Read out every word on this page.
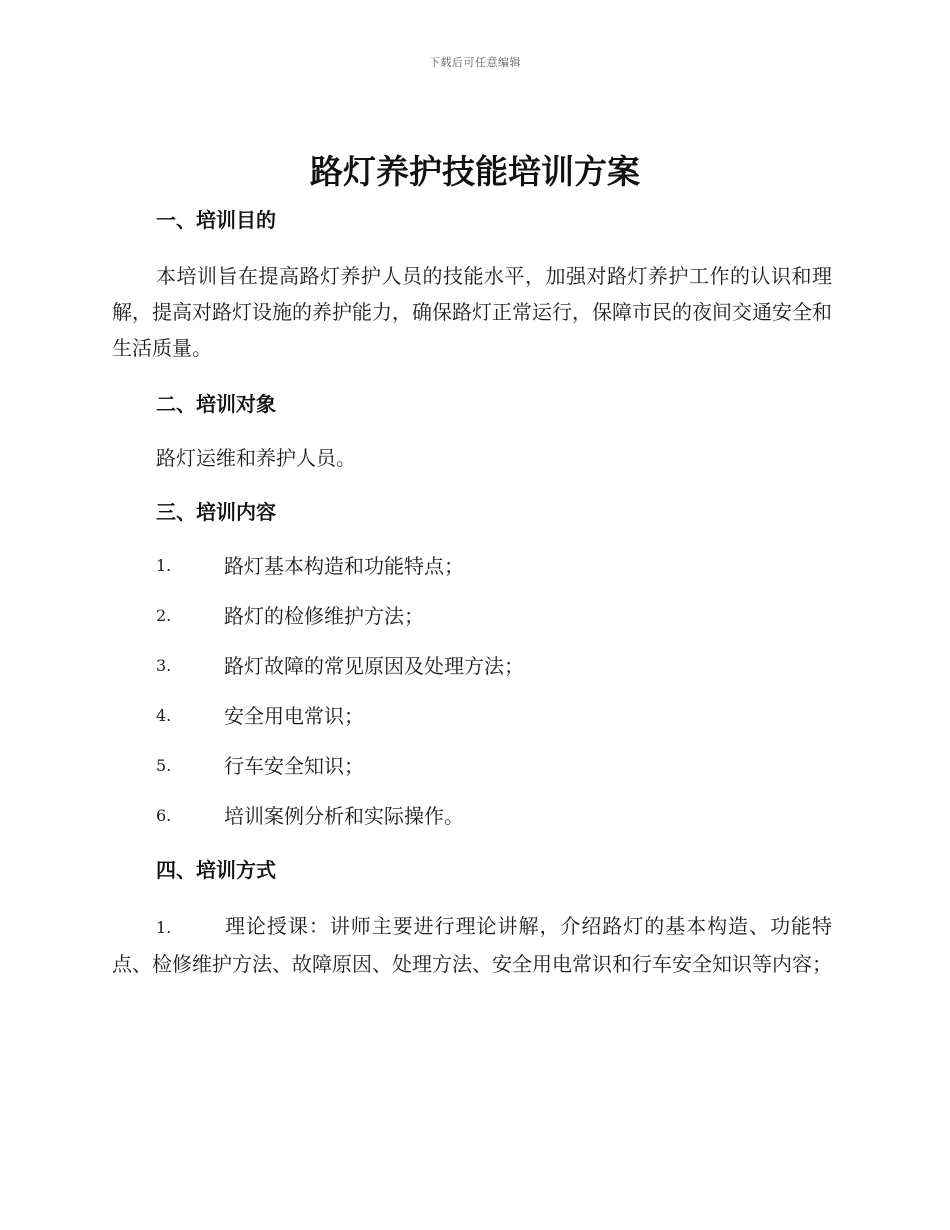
下载后可任意编辑
路灯养护技能培训方案
一、培训目的

本培训旨在提高路灯养护人员的技能水平，加强对路灯养护工作的认识和理解，提高对路灯设施的养护能力，确保路灯正常运行，保障市民的夜间交通安全和生活质量。

二、培训对象

路灯运维和养护人员。

三、培训内容
1.	路灯基本构造和功能特点；
2.	路灯的检修维护方法；
3.	路灯故障的常见原因及处理方法；
4.	安全用电常识；
5.	行车安全知识；
6.	培训案例分析和实际操作。
四、培训方式

1.	理论授课：讲师主要进行理论讲解，介绍路灯的基本构造、功能特点、检修维护方法、故障原因、处理方法、安全用电常识和行车安全知识等内容；
